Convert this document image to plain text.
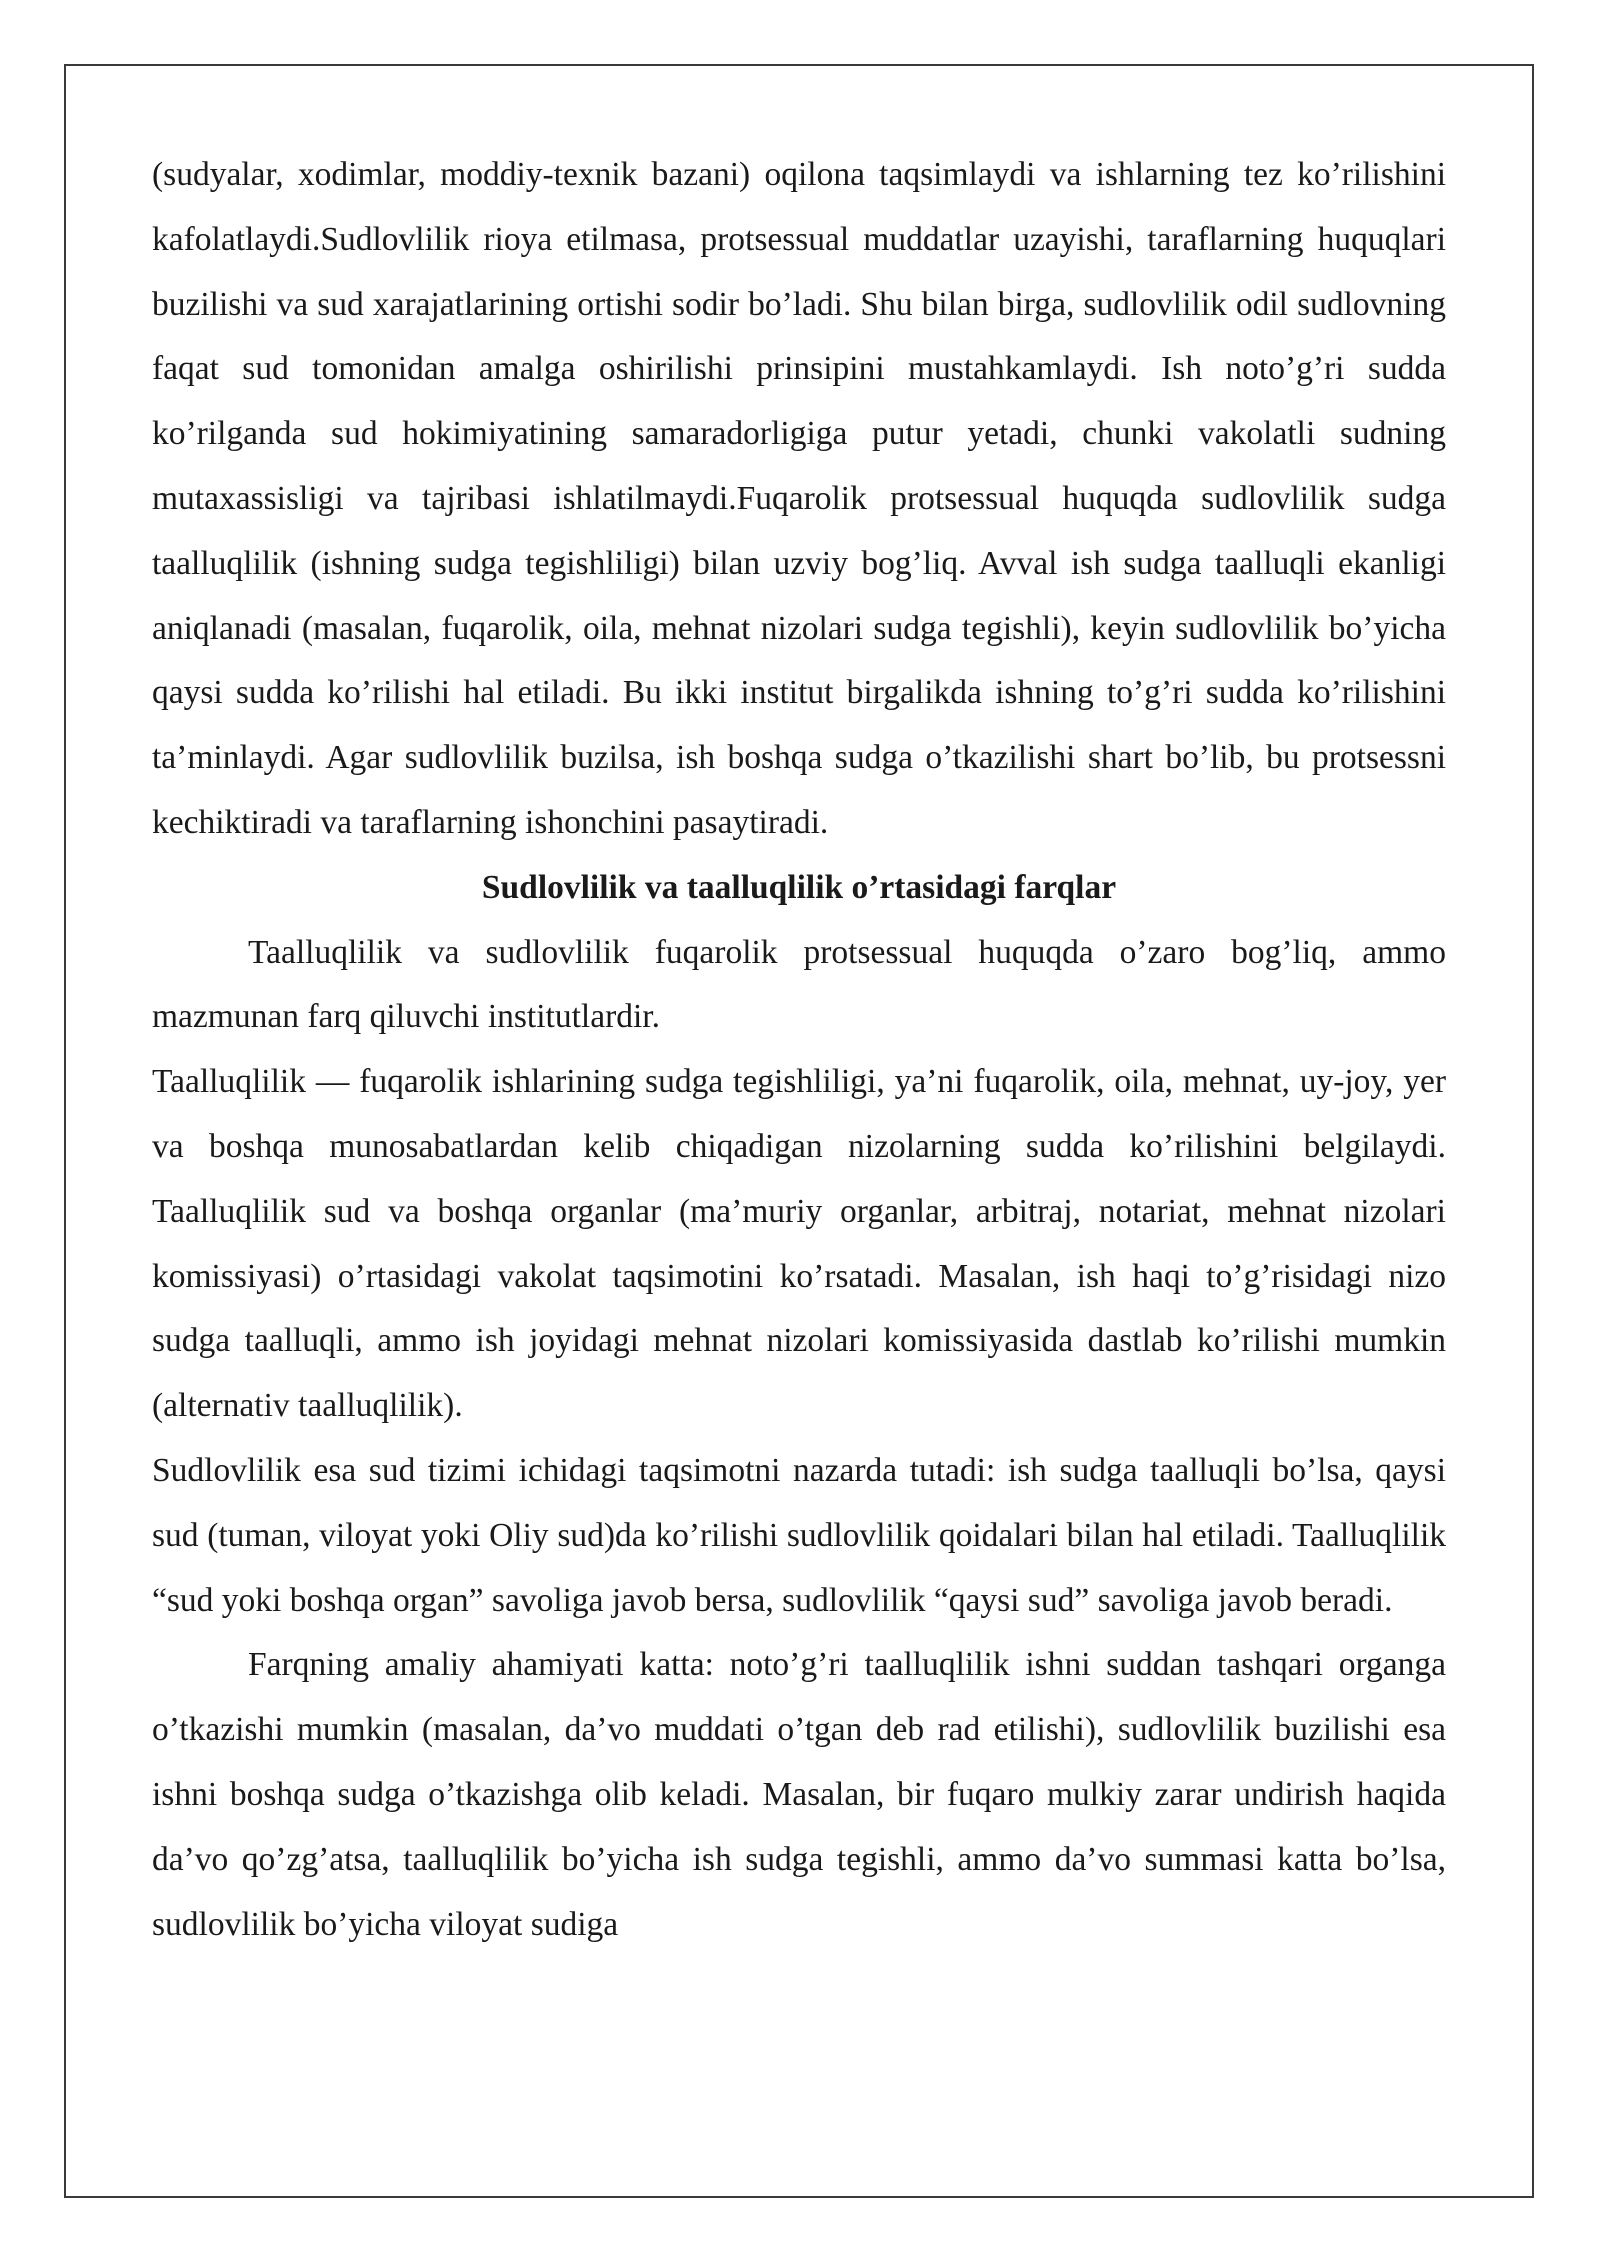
(sudyalar, xodimlar, moddiy-texnik bazani) oqilona taqsimlaydi va ishlarning tez ko’rilishini kafolatlaydi.Sudlovlilik rioya etilmasa, protsessual muddatlar uzayishi, taraflarning huquqlari buzilishi va sud xarajatlarining ortishi sodir bo’ladi. Shu bilan birga, sudlovlilik odil sudlovning faqat sud tomonidan amalga oshirilishi prinsipini mustahkamlaydi. Ish noto’g’ri sudda ko’rilganda sud hokimiyatining samaradorligiga putur yetadi, chunki vakolatli sudning mutaxassisligi va tajribasi ishlatilmaydi.Fuqarolik protsessual huquqda sudlovlilik sudga taalluqlilik (ishning sudga tegishliligi) bilan uzviy bog’liq. Avval ish sudga taalluqli ekanligi aniqlanadi (masalan, fuqarolik, oila, mehnat nizolari sudga tegishli), keyin sudlovlilik bo’yicha qaysi sudda ko’rilishi hal etiladi. Bu ikki institut birgalikda ishning to’g’ri sudda ko’rilishini ta’minlaydi. Agar sudlovlilik buzilsa, ish boshqa sudga o’tkazilishi shart bo’lib, bu protsessni kechiktiradi va taraflarning ishonchini pasaytiradi.

Sudlovlilik va taalluqlilik o’rtasidagi farqlar

Taalluqlilik va sudlovlilik fuqarolik protsessual huquqda o’zaro bog’liq, ammo mazmunan farq qiluvchi institutlardir.

Taalluqlilik — fuqarolik ishlarining sudga tegishliligi, ya’ni fuqarolik, oila, mehnat, uy-joy, yer va boshqa munosabatlardan kelib chiqadigan nizolarning sudda ko’rilishini belgilaydi. Taalluqlilik sud va boshqa organlar (ma’muriy organlar, arbitraj, notariat, mehnat nizolari komissiyasi) o’rtasidagi vakolat taqsimotini ko’rsatadi. Masalan, ish haqi to’g’risidagi nizo sudga taalluqli, ammo ish joyidagi mehnat nizolari komissiyasida dastlab ko’rilishi mumkin (alternativ taalluqlilik).

Sudlovlilik esa sud tizimi ichidagi taqsimotni nazarda tutadi: ish sudga taalluqli bo’lsa, qaysi sud (tuman, viloyat yoki Oliy sud)da ko’rilishi sudlovlilik qoidalari bilan hal etiladi. Taalluqlilik “sud yoki boshqa organ” savoliga javob bersa, sudlovlilik “qaysi sud” savoliga javob beradi.

Farqning amaliy ahamiyati katta: noto’g’ri taalluqlilik ishni suddan tashqari organga o’tkazishi mumkin (masalan, da’vo muddati o’tgan deb rad etilishi), sudlovlilik buzilishi esa ishni boshqa sudga o’tkazishga olib keladi. Masalan, bir fuqaro mulkiy zarar undirish haqida da’vo qo’zg’atsa, taalluqlilik bo’yicha ish sudga tegishli, ammo da’vo summasi katta bo’lsa, sudlovlilik bo’yicha viloyat sudiga
